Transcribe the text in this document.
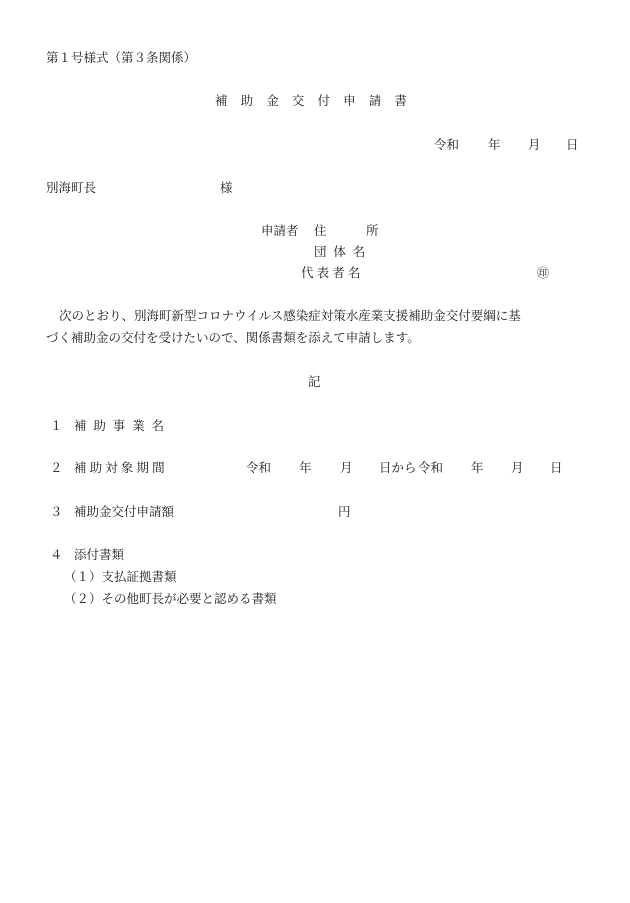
第１号様式（第３条関係）
補助金交付申請書
令和 年 月 日
別海町長	様
申請者 住	所
団体名
代表者名	㊞
次のとおり、別海町新型コロナウイルス感染症対策水産業支援補助金交付要綱に基
づく補助金の交付を受けたいので、関係書類を添えて申請します。
記
１ 補助事業名
２ 補助対象期間	令和 年 月 日から 令和 年 月 日
３ 補助金交付申請額	円
４ 添付書類
（１）支払証拠書類
（２）その他町長が必要と認める書類
